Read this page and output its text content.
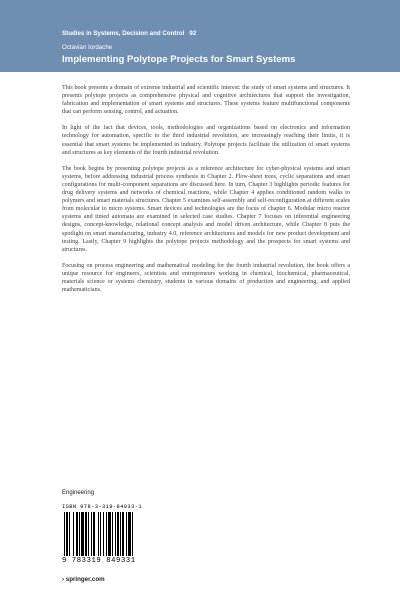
Studies in Systems, Decision and Control 92
Octavian Iordache
Implementing Polytope Projects for Smart Systems

This book presents a domain of extreme industrial and scientific interest: the study of smart systems and structures. It presents polytope projects as comprehensive physical and cognitive architectures that support the investigation, fabrication and implementation of smart systems and structures. These systems feature multifunctional components that can perform sensing, control, and actuation.

In light of the fact that devices, tools, methodologies and organizations based on electronics and information technology for automation, specific to the third industrial revolution, are increasingly reaching their limits, it is essential that smart systems be implemented in industry. Polytope projects facilitate the utilization of smart systems and structures as key elements of the fourth industrial revolution.

The book begins by presenting polytope projects as a reference architecture for cyber-physical systems and smart systems, before addressing industrial process synthesis in Chapter 2. Flow-sheet trees, cyclic separations and smart configurations for multi-component separations are discussed here. In turn, Chapter 3 highlights periodic features for drug delivery systems and networks of chemical reactions, while Chapter 4 applies conditioned random walks to polymers and smart materials structures. Chapter 5 examines self-assembly and self-reconfiguration at different scales from molecular to micro systems. Smart devices and technologies are the focus of chapter 6. Modular micro reactor systems and timed automata are examined in selected case studies. Chapter 7 focuses on inferential engineering designs, concept-knowledge, relational concept analysis and model driven architecture, while Chapter 8 puts the spotlight on smart manufacturing, industry 4.0, reference architectures and models for new product development and testing. Lastly, Chapter 9 highlights the polytope projects methodology and the prospects for smart systems and structures.

Focusing on process engineering and mathematical modeling for the fourth industrial revolution, the book offers a unique resource for engineers, scientists and entrepreneurs working in chemical, biochemical, pharmaceutical, materials science or systems chemistry, students in various domains of production and engineering, and applied mathematicians.

Engineering
ISBN 978-3-319-84933-1
9 783319 849331
› springer.com
